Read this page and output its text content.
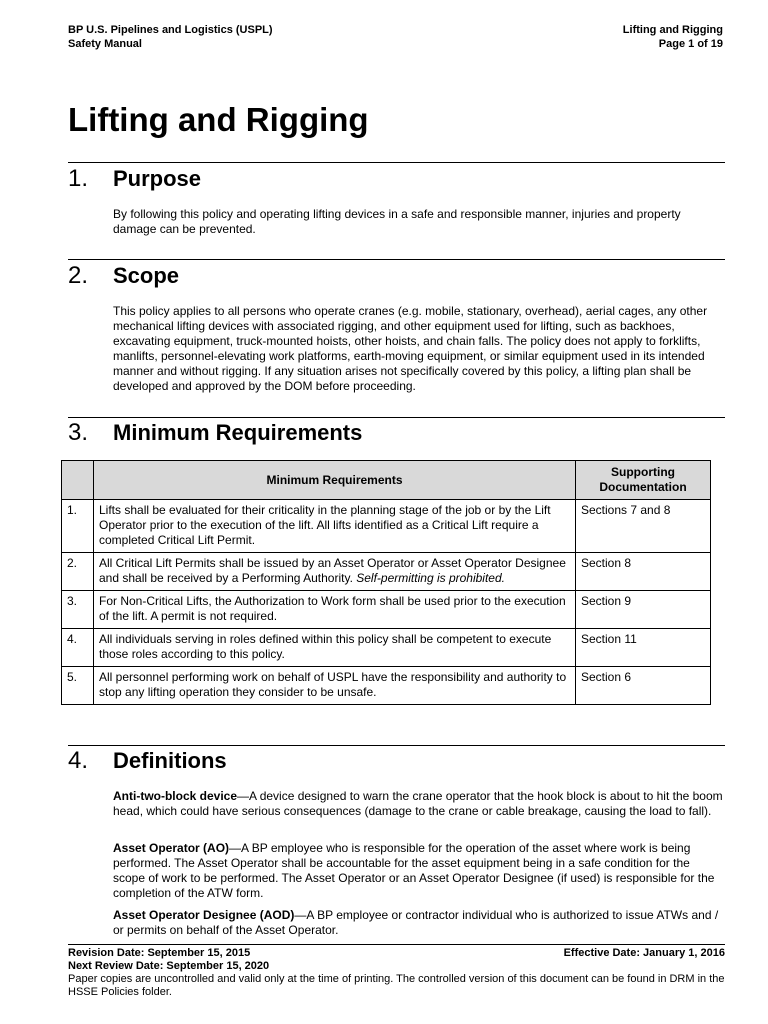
BP U.S. Pipelines and Logistics (USPL)
Safety Manual
Lifting and Rigging
Page 1 of 19
Lifting and Rigging
1. Purpose

By following this policy and operating lifting devices in a safe and responsible manner, injuries and property damage can be prevented.

2. Scope

This policy applies to all persons who operate cranes (e.g. mobile, stationary, overhead), aerial cages, any other mechanical lifting devices with associated rigging, and other equipment used for lifting, such as backhoes, excavating equipment, truck-mounted hoists, other hoists, and chain falls. The policy does not apply to forklifts, manlifts, personnel-elevating work platforms, earth-moving equipment, or similar equipment used in its intended manner and without rigging. If any situation arises not specifically covered by this policy, a lifting plan shall be developed and approved by the DOM before proceeding.

3. Minimum Requirements
	Minimum Requirements	Supporting Documentation
1.	Lifts shall be evaluated for their criticality in the planning stage of the job or by the Lift Operator prior to the execution of the lift. All lifts identified as a Critical Lift require a completed Critical Lift Permit.	Sections 7 and 8
2.	All Critical Lift Permits shall be issued by an Asset Operator or Asset Operator Designee and shall be received by a Performing Authority. Self-permitting is prohibited.	Section 8
3.	For Non-Critical Lifts, the Authorization to Work form shall be used prior to the execution of the lift. A permit is not required.	Section 9
4.	All individuals serving in roles defined within this policy shall be competent to execute those roles according to this policy.	Section 11
5.	All personnel performing work on behalf of USPL have the responsibility and authority to stop any lifting operation they consider to be unsafe.	Section 6
4. Definitions

Anti-two-block device—A device designed to warn the crane operator that the hook block is about to hit the boom head, which could have serious consequences (damage to the crane or cable breakage, causing the load to fall).

Asset Operator (AO)—A BP employee who is responsible for the operation of the asset where work is being performed. The Asset Operator shall be accountable for the asset equipment being in a safe condition for the scope of work to be performed. The Asset Operator or an Asset Operator Designee (if used) is responsible for the completion of the ATW form.

Asset Operator Designee (AOD)—A BP employee or contractor individual who is authorized to issue ATWs and / or permits on behalf of the Asset Operator.

Revision Date: September 15, 2015	Effective Date: January 1, 2016
Next Review Date: September 15, 2020
Paper copies are uncontrolled and valid only at the time of printing. The controlled version of this document can be found in DRM in the HSSE Policies folder.
